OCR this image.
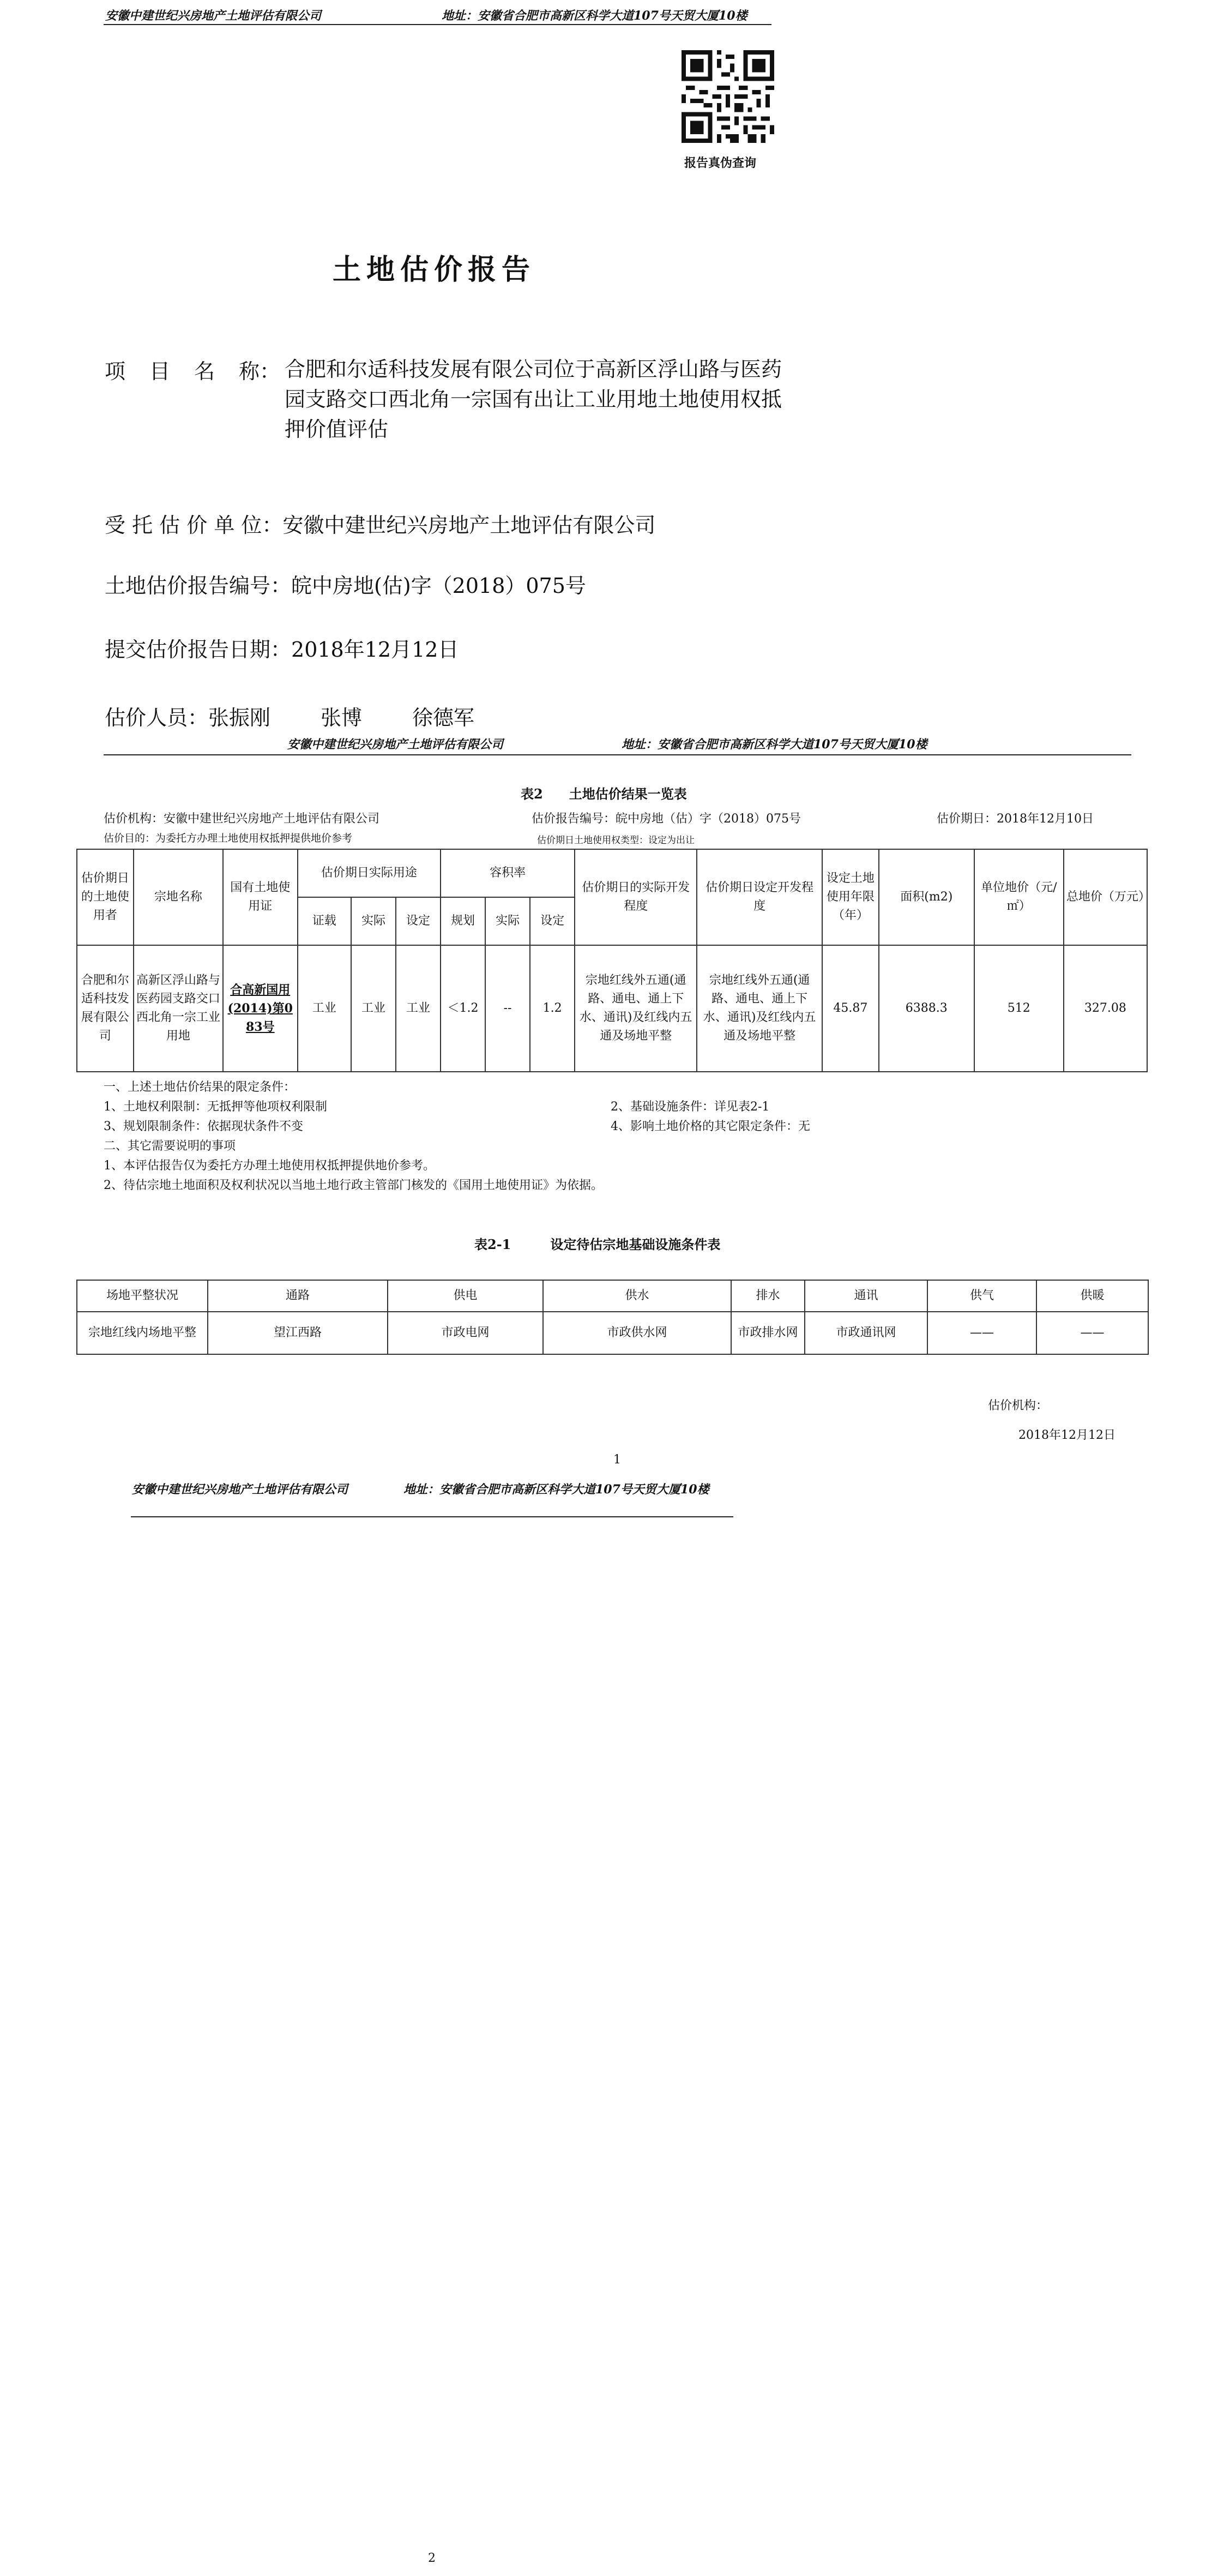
安徽中建世纪兴房地产土地评估有限公司	地址：安徽省合肥市高新区科学大道107号天贸大厦10楼
报告真伪查询
土地估价报告
项 目 名 称： 合肥和尔适科技发展有限公司位于高新区浮山路与医药园支路交口西北角一宗国有出让工业用地土地使用权抵押价值评估
受 托 估 价 单 位：安徽中建世纪兴房地产土地评估有限公司
土地估价报告编号：皖中房地(估)字（2018）075号
提交估价报告日期：2018年12月12日
估价人员：张振刚 张博 徐德军
安徽中建世纪兴房地产土地评估有限公司	地址：安徽省合肥市高新区科学大道107号天贸大厦10楼
表2　　土地估价结果一览表
估价机构：安徽中建世纪兴房地产土地评估有限公司	估价报告编号：皖中房地（估）字（2018）075号	估价期日：2018年12月10日
估价目的：为委托方办理土地使用权抵押提供地价参考	估价期日土地使用权类型：设定为出让
估价期日的土地使用者	宗地名称	国有土地使用证	估价期日实际用途			容积率			估价期日的实际开发程度	估价期日设定开发程度	设定土地使用年限（年）	面积(m2)	单位地价（元/㎡）	总地价（万元）
			证载	实际	设定	规划	实际	设定						
合肥和尔适科技发展有限公司	高新区浮山路与医药园支路交口西北角一宗工业用地	合高新国用(2014)第083号	工业	工业	工业	＜1.2	--	1.2	宗地红线外五通(通路、通电、通上下水、通讯)及红线内五通及场地平整	宗地红线外五通(通路、通电、通上下水、通讯)及红线内五通及场地平整	45.87	6388.3	512	327.08
一、上述土地估价结果的限定条件：
1、土地权利限制：无抵押等他项权利限制	2、基础设施条件：详见表2-1
3、规划限制条件：依据现状条件不变	4、影响土地价格的其它限定条件：无
二、其它需要说明的事项
1、本评估报告仅为委托方办理土地使用权抵押提供地价参考。
2、待估宗地土地面积及权利状况以当地土地行政主管部门核发的《国用土地使用证》为依据。
表2-1　　　设定待估宗地基础设施条件表
场地平整状况	通路	供电	供水	排水	通讯	供气	供暖
宗地红线内场地平整	望江西路	市政电网	市政供水网	市政排水网	市政通讯网	——	——
估价机构：
2018年12月12日
1
安徽中建世纪兴房地产土地评估有限公司	地址：安徽省合肥市高新区科学大道107号天贸大厦10楼
2
